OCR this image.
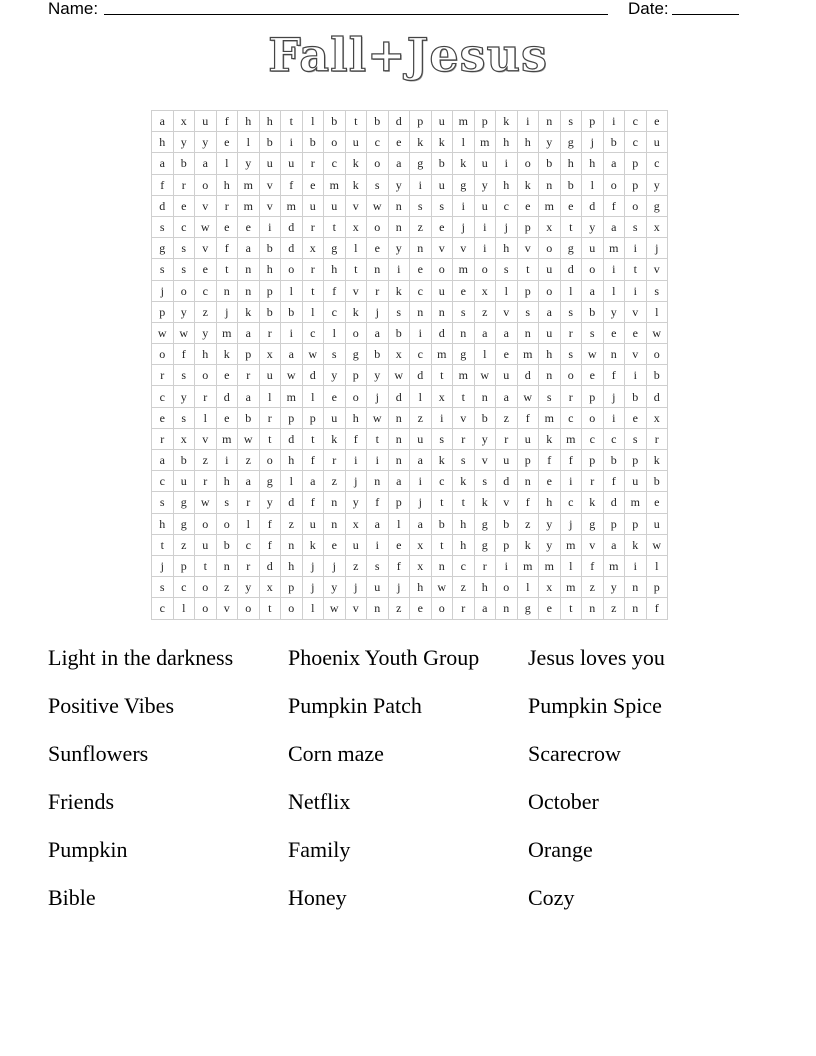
Name:	Date:
Fall+Jesus
a	x	u	f	h	h	t	l	b	t	b	d	p	u	m	p	k	i	n	s	p	i	c	e
h	y	y	e	l	b	i	b	o	u	c	e	k	k	l	m	h	h	y	g	j	b	c	u
a	b	a	l	y	u	u	r	c	k	o	a	g	b	k	u	i	o	b	h	h	a	p	c
f	r	o	h	m	v	f	e	m	k	s	y	i	u	g	y	h	k	n	b	l	o	p	y
d	e	v	r	m	v	m	u	u	v	w	n	s	s	i	u	c	e	m	e	d	f	o	g
s	c	w	e	e	i	d	r	t	x	o	n	z	e	j	i	j	p	x	t	y	a	s	x
g	s	v	f	a	b	d	x	g	l	e	y	n	v	v	i	h	v	o	g	u	m	i	j
s	s	e	t	n	h	o	r	h	t	n	i	e	o	m	o	s	t	u	d	o	i	t	v
j	o	c	n	n	p	l	t	f	v	r	k	c	u	e	x	l	p	o	l	a	l	i	s
p	y	z	j	k	b	b	l	c	k	j	s	n	n	s	z	v	s	a	s	b	y	v	l
w	w	y	m	a	r	i	c	l	o	a	b	i	d	n	a	a	n	u	r	s	e	e	w
o	f	h	k	p	x	a	w	s	g	b	x	c	m	g	l	e	m	h	s	w	n	v	o
r	s	o	e	r	u	w	d	y	p	y	w	d	t	m	w	u	d	n	o	e	f	i	b
c	y	r	d	a	l	m	l	e	o	j	d	l	x	t	n	a	w	s	r	p	j	b	d
e	s	l	e	b	r	p	p	u	h	w	n	z	i	v	b	z	f	m	c	o	i	e	x
r	x	v	m	w	t	d	t	k	f	t	n	u	s	r	y	r	u	k	m	c	c	s	r
a	b	z	i	z	o	h	f	r	i	i	n	a	k	s	v	u	p	f	f	p	b	p	k
c	u	r	h	a	g	l	a	z	j	n	a	i	c	k	s	d	n	e	i	r	f	u	b
s	g	w	s	r	y	d	f	n	y	f	p	j	t	t	k	v	f	h	c	k	d	m	e
h	g	o	o	l	f	z	u	n	x	a	l	a	b	h	g	b	z	y	j	g	p	p	u
t	z	u	b	c	f	n	k	e	u	i	e	x	t	h	g	p	k	y	m	v	a	k	w
j	p	t	n	r	d	h	j	j	z	s	f	x	n	c	r	i	m	m	l	f	m	i	l
s	c	o	z	y	x	p	j	y	j	u	j	h	w	z	h	o	l	x	m	z	y	n	p
c	l	o	v	o	t	o	l	w	v	n	z	e	o	r	a	n	g	e	t	n	z	n	f
Light in the darkness	Phoenix Youth Group	Jesus loves you
Positive Vibes	Pumpkin Patch	Pumpkin Spice
Sunflowers	Corn maze	Scarecrow
Friends	Netflix	October
Pumpkin	Family	Orange
Bible	Honey	Cozy
